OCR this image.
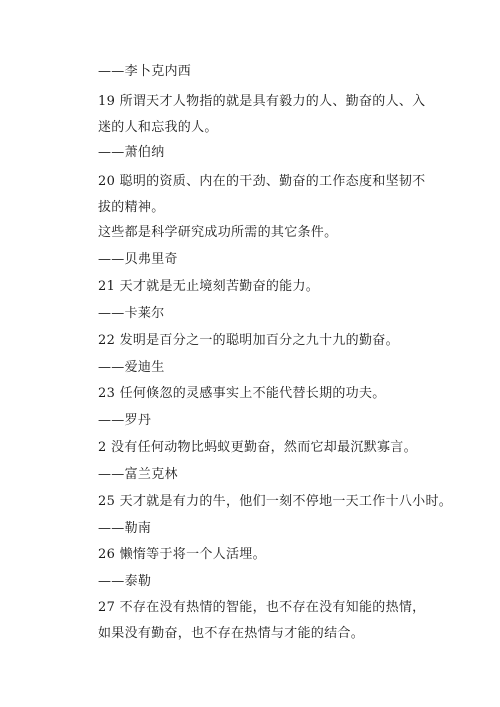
——李卜克内西
19 所谓天才人物指的就是具有毅力的人、勤奋的人、入迷的人和忘我的人。
——萧伯纳
20 聪明的资质、内在的干劲、勤奋的工作态度和坚韧不拔的精神。
这些都是科学研究成功所需的其它条件。
——贝弗里奇
21 天才就是无止境刻苦勤奋的能力。
——卡莱尔
22 发明是百分之一的聪明加百分之九十九的勤奋。
——爱迪生
23 任何倏忽的灵感事实上不能代替长期的功夫。
——罗丹
2 没有任何动物比蚂蚁更勤奋，然而它却最沉默寡言。
——富兰克林
25 天才就是有力的牛，他们一刻不停地一天工作十八小时。
——勒南
26 懒惰等于将一个人活埋。
——泰勒
27 不存在没有热情的智能，也不存在没有知能的热情，如果没有勤奋，也不存在热情与才能的结合。
